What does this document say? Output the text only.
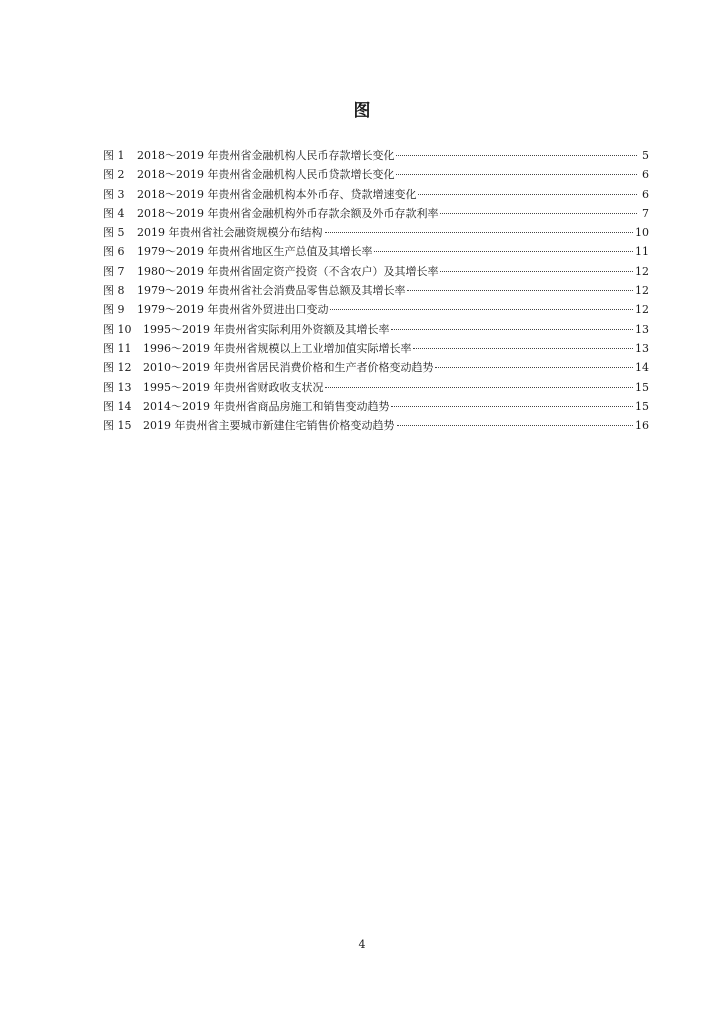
图
图 1	2018～2019 年贵州省金融机构人民币存款增长变化	5
图 2	2018～2019 年贵州省金融机构人民币贷款增长变化	6
图 3	2018～2019 年贵州省金融机构本外币存、贷款增速变化	6
图 4	2018～2019 年贵州省金融机构外币存款余额及外币存款利率	7
图 5	2019 年贵州省社会融资规模分布结构	10
图 6	1979～2019 年贵州省地区生产总值及其增长率	11
图 7	1980～2019 年贵州省固定资产投资（不含农户）及其增长率	12
图 8	1979～2019 年贵州省社会消费品零售总额及其增长率	12
图 9	1979～2019 年贵州省外贸进出口变动	12
图 10	1995～2019 年贵州省实际利用外资额及其增长率	13
图 11	1996～2019 年贵州省规模以上工业增加值实际增长率	13
图 12	2010～2019 年贵州省居民消费价格和生产者价格变动趋势	14
图 13	1995～2019 年贵州省财政收支状况	15
图 14	2014～2019 年贵州省商品房施工和销售变动趋势	15
图 15	2019 年贵州省主要城市新建住宅销售价格变动趋势	16
4
